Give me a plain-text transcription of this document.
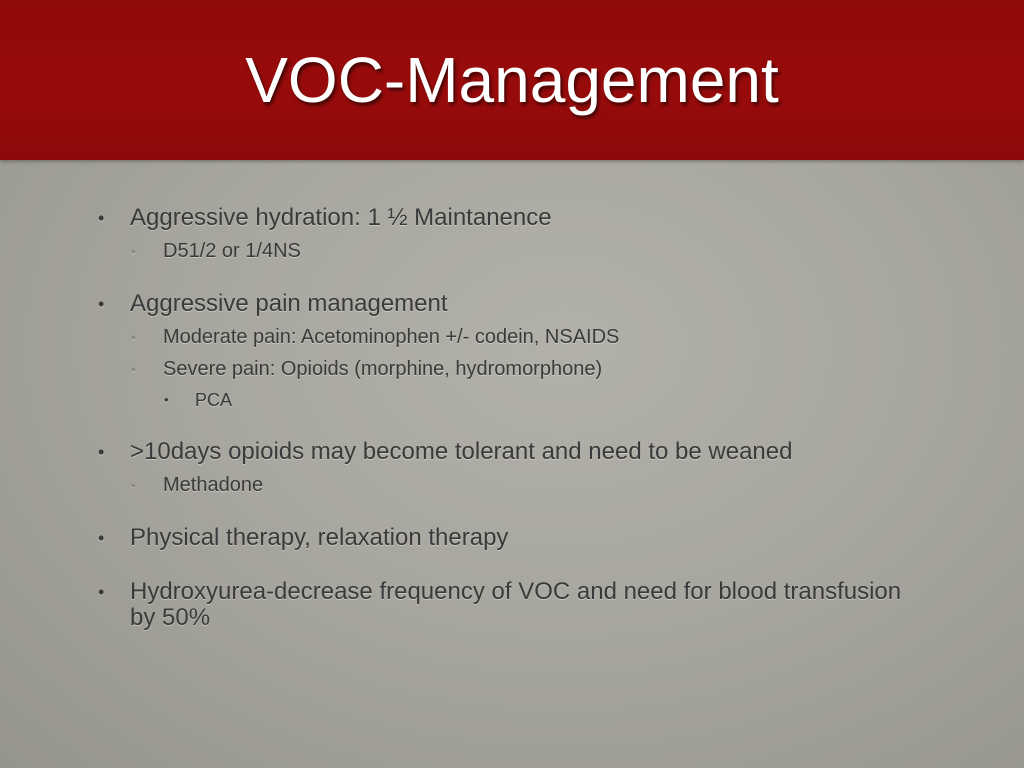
VOC-Management
• Aggressive hydration: 1 ½ Maintanence
• D51/2 or 1/4NS
• Aggressive pain management
• Moderate pain: Acetominophen +/- codein, NSAIDS
• Severe pain: Opioids (morphine, hydromorphone)
• PCA
• >10days opioids may become tolerant and need to be weaned
• Methadone
• Physical therapy, relaxation therapy
• Hydroxyurea-decrease frequency of VOC and need for blood transfusion by 50%
